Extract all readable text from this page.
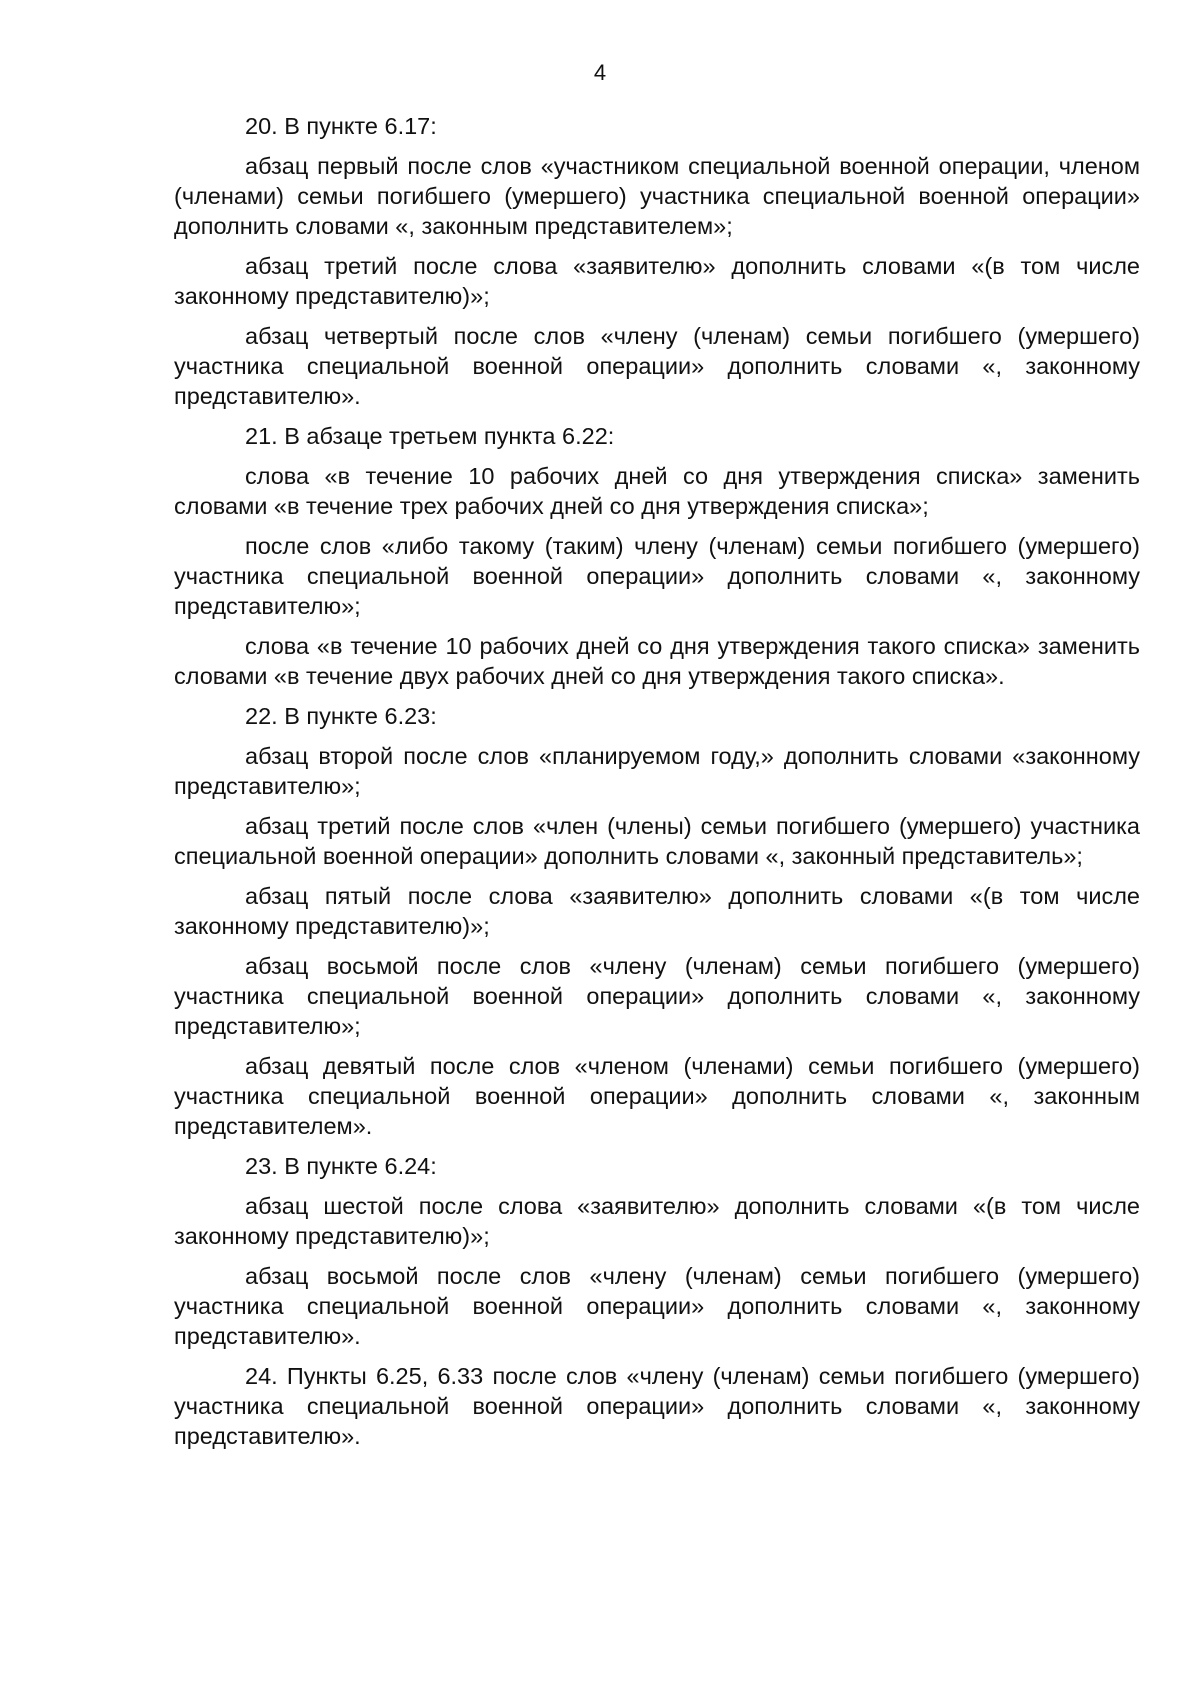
4

20. В пункте 6.17:

абзац первый после слов «участником специальной военной операции, членом (членами) семьи погибшего (умершего) участника специальной военной операции» дополнить словами «, законным представителем»;

абзац третий после слова «заявителю» дополнить словами «(в том числе законному представителю)»;

абзац четвертый после слов «члену (членам) семьи погибшего (умершего) участника специальной военной операции» дополнить словами «, законному представителю».

21. В абзаце третьем пункта 6.22:

слова «в течение 10 рабочих дней со дня утверждения списка» заменить словами «в течение трех рабочих дней со дня утверждения списка»;

после слов «либо такому (таким) члену (членам) семьи погибшего (умершего) участника специальной военной операции» дополнить словами «, законному представителю»;

слова «в течение 10 рабочих дней со дня утверждения такого списка» заменить словами «в течение двух рабочих дней со дня утверждения такого списка».

22. В пункте 6.23:

абзац второй после слов «планируемом году,» дополнить словами «законному представителю»;

абзац третий после слов «член (члены) семьи погибшего (умершего) участника специальной военной операции» дополнить словами «, законный представитель»;

абзац пятый после слова «заявителю» дополнить словами «(в том числе законному представителю)»;

абзац восьмой после слов «члену (членам) семьи погибшего (умершего) участника специальной военной операции» дополнить словами «, законному представителю»;

абзац девятый после слов «членом (членами) семьи погибшего (умершего) участника специальной военной операции» дополнить словами «, законным представителем».

23. В пункте 6.24:

абзац шестой после слова «заявителю» дополнить словами «(в том числе законному представителю)»;

абзац восьмой после слов «члену (членам) семьи погибшего (умершего) участника специальной военной операции» дополнить словами «, законному представителю».

24. Пункты 6.25, 6.33 после слов «члену (членам) семьи погибшего (умершего) участника специальной военной операции» дополнить словами «, законному представителю».
